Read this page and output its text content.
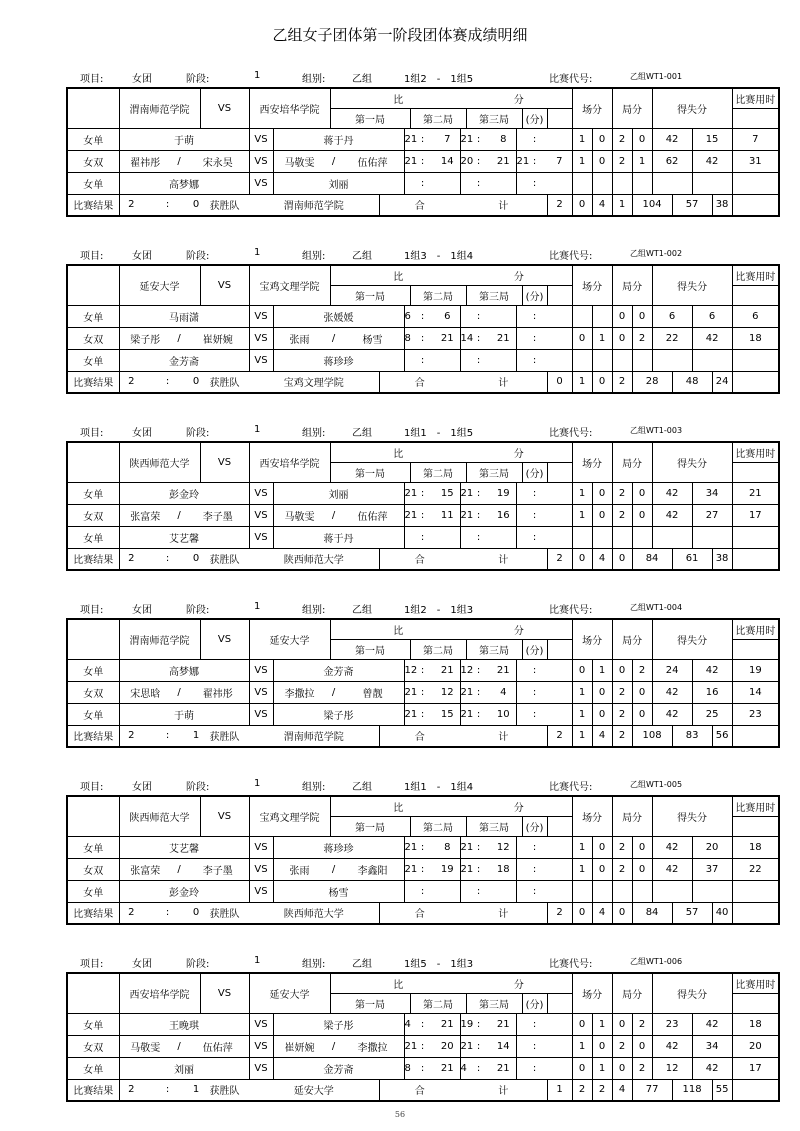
乙组女子团体第一阶段团体赛成绩明细
项目:	女团	阶段:	1	组别:	乙组	1组2　-　1组5	比赛代号:	乙组WT1-001
	渭南师范学院			VS	西安培华学院		比						分					场分		局分		得失分				比赛用时
							第一局			第二局			第三局			(分)										
女单	于萌				VS	蒋于丹			21	:	7	21	:	8		:		1	0	2	0	42		15		7
女双	翟祎彤 / 宋永昊				VS	马敬雯 / 伍佑萍			21	:	14	20	:	21	21	:	7	1	0	2	1	62		42		31
女单	高梦娜				VS	刘丽				:			:			:										
比赛结果	2	:	0	获胜队	渭南师范学院			合				计					2	0	4	1	104		57		38	
项目:	女团	阶段:	1	组别:	乙组	1组3　-　1组4	比赛代号:	乙组WT1-002
	延安大学			VS	宝鸡文理学院		比						分					场分		局分		得失分				比赛用时
							第一局			第二局			第三局			(分)										
女单	马雨潇				VS	张媛媛			6	:	6		:			:				0	0	6		6		6
女双	梁子彤 / 崔妍婉				VS	张雨 / 杨雪			8	:	21	14	:	21		:		0	1	0	2	22		42		18
女单	金芳斋				VS	蒋珍珍				:			:			:										
比赛结果	2	:	0	获胜队	宝鸡文理学院			合				计					0	1	0	2	28		48		24	
项目:	女团	阶段:	1	组别:	乙组	1组1　-　1组5	比赛代号:	乙组WT1-003
	陕西师范大学			VS	西安培华学院		比						分					场分		局分		得失分				比赛用时
							第一局			第二局			第三局			(分)										
女单	彭金玲				VS	刘丽			21	:	15	21	:	19		:		1	0	2	0	42		34		21
女双	张富荣 / 李子墨				VS	马敬雯 / 伍佑萍			21	:	11	21	:	16		:		1	0	2	0	42		27		17
女单	艾艺馨				VS	蒋于丹				:			:			:										
比赛结果	2	:	0	获胜队	陕西师范大学			合				计					2	0	4	0	84		61		38	
项目:	女团	阶段:	1	组别:	乙组	1组2　-　1组3	比赛代号:	乙组WT1-004
	渭南师范学院			VS	延安大学		比						分					场分		局分		得失分				比赛用时
							第一局			第二局			第三局			(分)										
女单	高梦娜				VS	金芳斋			12	:	21	12	:	21		:		0	1	0	2	24		42		19
女双	宋思晗 / 翟祎彤				VS	李撒拉 / 曾靓			21	:	12	21	:	4		:		1	0	2	0	42		16		14
女单	于萌				VS	梁子彤			21	:	15	21	:	10		:		1	0	2	0	42		25		23
比赛结果	2	:	1	获胜队	渭南师范学院			合				计					2	1	4	2	108		83		56	
项目:	女团	阶段:	1	组别:	乙组	1组1　-　1组4	比赛代号:	乙组WT1-005
	陕西师范大学			VS	宝鸡文理学院		比						分					场分		局分		得失分				比赛用时
							第一局			第二局			第三局			(分)										
女单	艾艺馨				VS	蒋珍珍			21	:	8	21	:	12		:		1	0	2	0	42		20		18
女双	张富荣 / 李子墨				VS	张雨 / 李鑫阳			21	:	19	21	:	18		:		1	0	2	0	42		37		22
女单	彭金玲				VS	杨雪				:			:			:										
比赛结果	2	:	0	获胜队	陕西师范大学			合				计					2	0	4	0	84		57		40	
项目:	女团	阶段:	1	组别:	乙组	1组5　-　1组3	比赛代号:	乙组WT1-006
	西安培华学院			VS	延安大学		比						分					场分		局分		得失分				比赛用时
							第一局			第二局			第三局			(分)										
女单	王晚琪				VS	梁子彤			4	:	21	19	:	21		:		0	1	0	2	23		42		18
女双	马敬雯 / 伍佑萍				VS	崔妍婉 / 李撒拉			21	:	20	21	:	14		:		1	0	2	0	42		34		20
女单	刘丽				VS	金芳斋			8	:	21	4	:	21		:		0	1	0	2	12		42		17
比赛结果	2	:	1	获胜队	延安大学			合				计					1	2	2	4	77		118		55	
56
